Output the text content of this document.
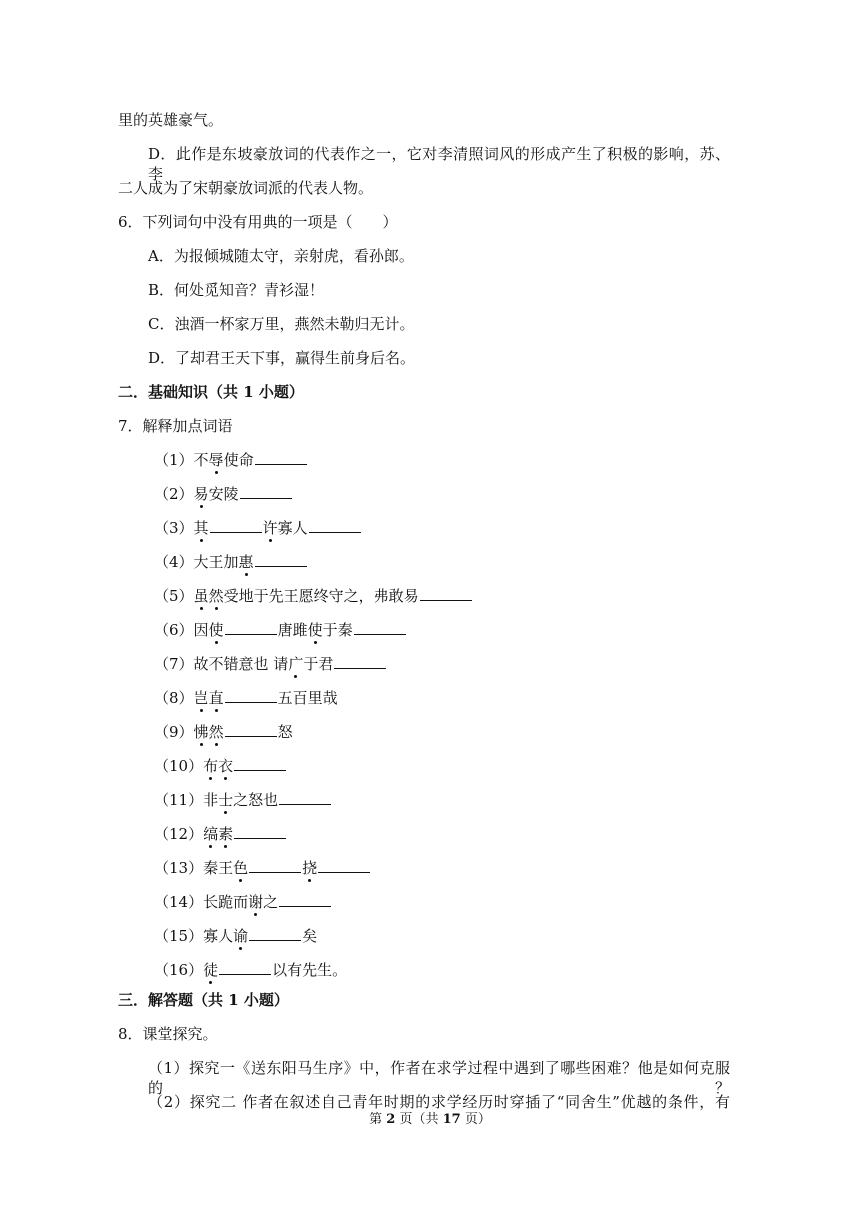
里的英雄豪气。
D．此作是东坡豪放词的代表作之一，它对李清照词风的形成产生了积极的影响，苏、李
二人成为了宋朝豪放词派的代表人物。
6．下列词句中没有用典的一项是（　　）
A．为报倾城随太守，亲射虎，看孙郎。
B．何处觅知音？青衫湿！
C．浊酒一杯家万里，燕然未勒归无计。
D．了却君王天下事，赢得生前身后名。
二．基础知识（共 1 小题）
7．解释加点词语
（1）不辱使命
（2）易安陵
（3）其	许寡人
（4）大王加惠
（5）虽然受地于先王愿终守之，弗敢易
（6）因使	唐雎使于秦
（7）故不错意也 请广于君
（8）岂直	五百里哉
（9）怫然	怒
（10）布衣
（11）非士之怒也
（12）缟素
（13）秦王色	挠
（14）长跪而谢之
（15）寡人谕	矣
（16）徒	以有先生。
三．解答题（共 1 小题）
8．课堂探究。
（1）探究一《送东阳马生序》中，作者在求学过程中遇到了哪些困难？他是如何克服的？
（2）探究二 作者在叙述自己青年时期的求学经历时穿插了“同舍生”优越的条件，有
第 2 页（共 17 页）
